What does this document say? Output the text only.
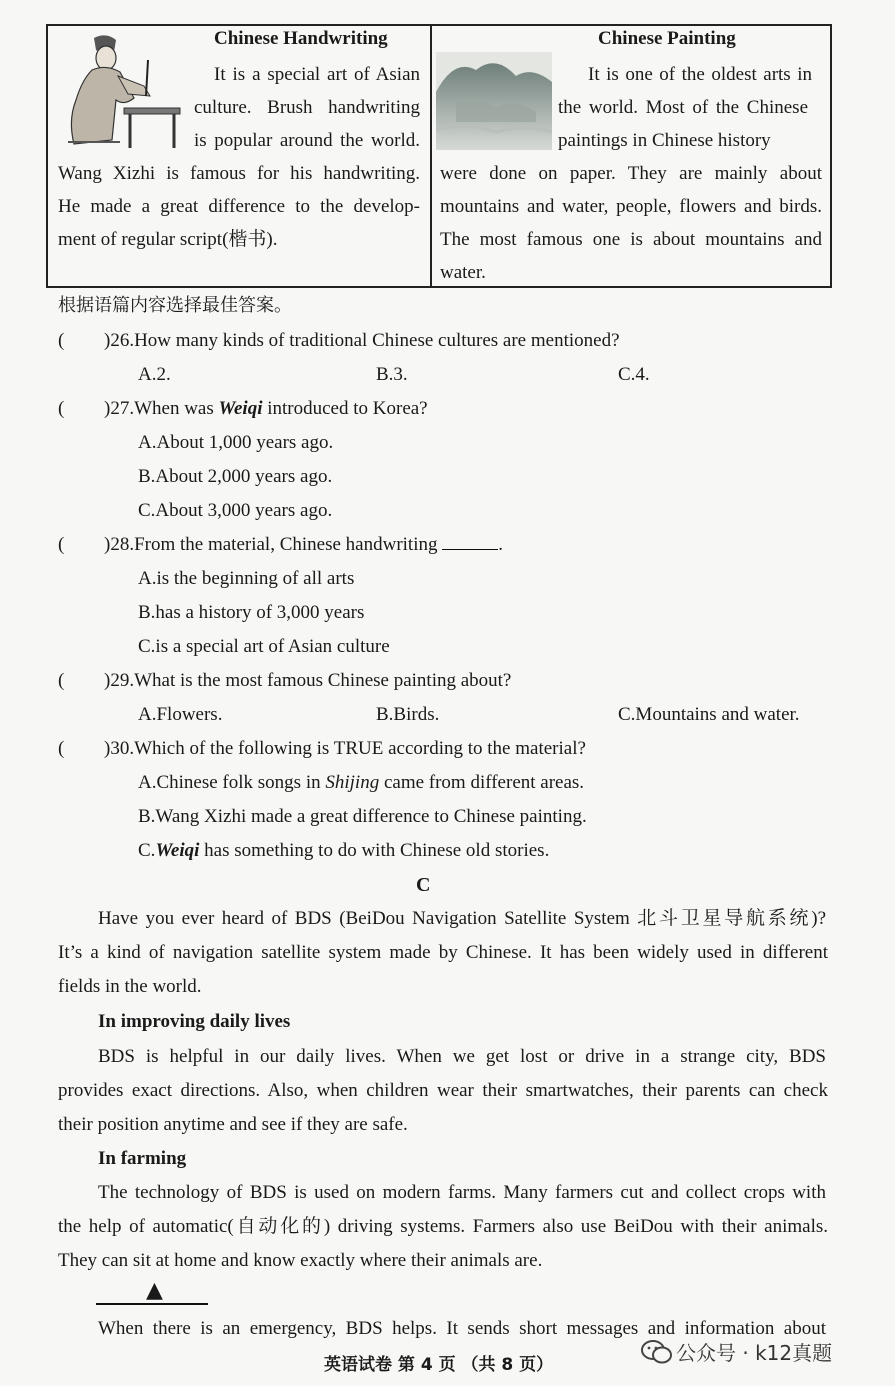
Chinese Handwriting
It is a special art of Asian
culture. Brush handwriting
is popular around the world.
Wang Xizhi is famous for his handwriting.
He made a great difference to the develop-
ment of regular script(楷书).
Chinese Painting
It is one of the oldest arts in
the world. Most of the Chinese
paintings in Chinese history
were done on paper. They are mainly about
mountains and water, people, flowers and birds.
The most famous one is about mountains and
water.
根据语篇内容选择最佳答案。
( )26.How many kinds of traditional Chinese cultures are mentioned?
A.2.	B.3.	C.4.
( )27.When was Weiqi introduced to Korea?
A.About 1,000 years ago.
B.About 2,000 years ago.
C.About 3,000 years ago.
( )28.From the material, Chinese handwriting	.
A.is the beginning of all arts
B.has a history of 3,000 years
C.is a special art of Asian culture
( )29.What is the most famous Chinese painting about?
A.Flowers.	B.Birds.	C.Mountains and water.
( )30.Which of the following is TRUE according to the material?
A.Chinese folk songs in Shijing came from different areas.
B.Wang Xizhi made a great difference to Chinese painting.
C.Weiqi has something to do with Chinese old stories.
C
Have you ever heard of BDS (BeiDou Navigation Satellite System 北斗卫星导航系统)?
It’s a kind of navigation satellite system made by Chinese. It has been widely used in different
fields in the world.
In improving daily lives
BDS is helpful in our daily lives. When we get lost or drive in a strange city, BDS
provides exact directions. Also, when children wear their smartwatches, their parents can check
their position anytime and see if they are safe.
In farming
The technology of BDS is used on modern farms. Many farmers cut and collect crops with
the help of automatic(自动化的) driving systems. Farmers also use BeiDou with their animals.
They can sit at home and know exactly where their animals are.
▲
When there is an emergency, BDS helps. It sends short messages and information about
英语试卷 第 4 页 （共 8 页）	公众号 · k12真题
